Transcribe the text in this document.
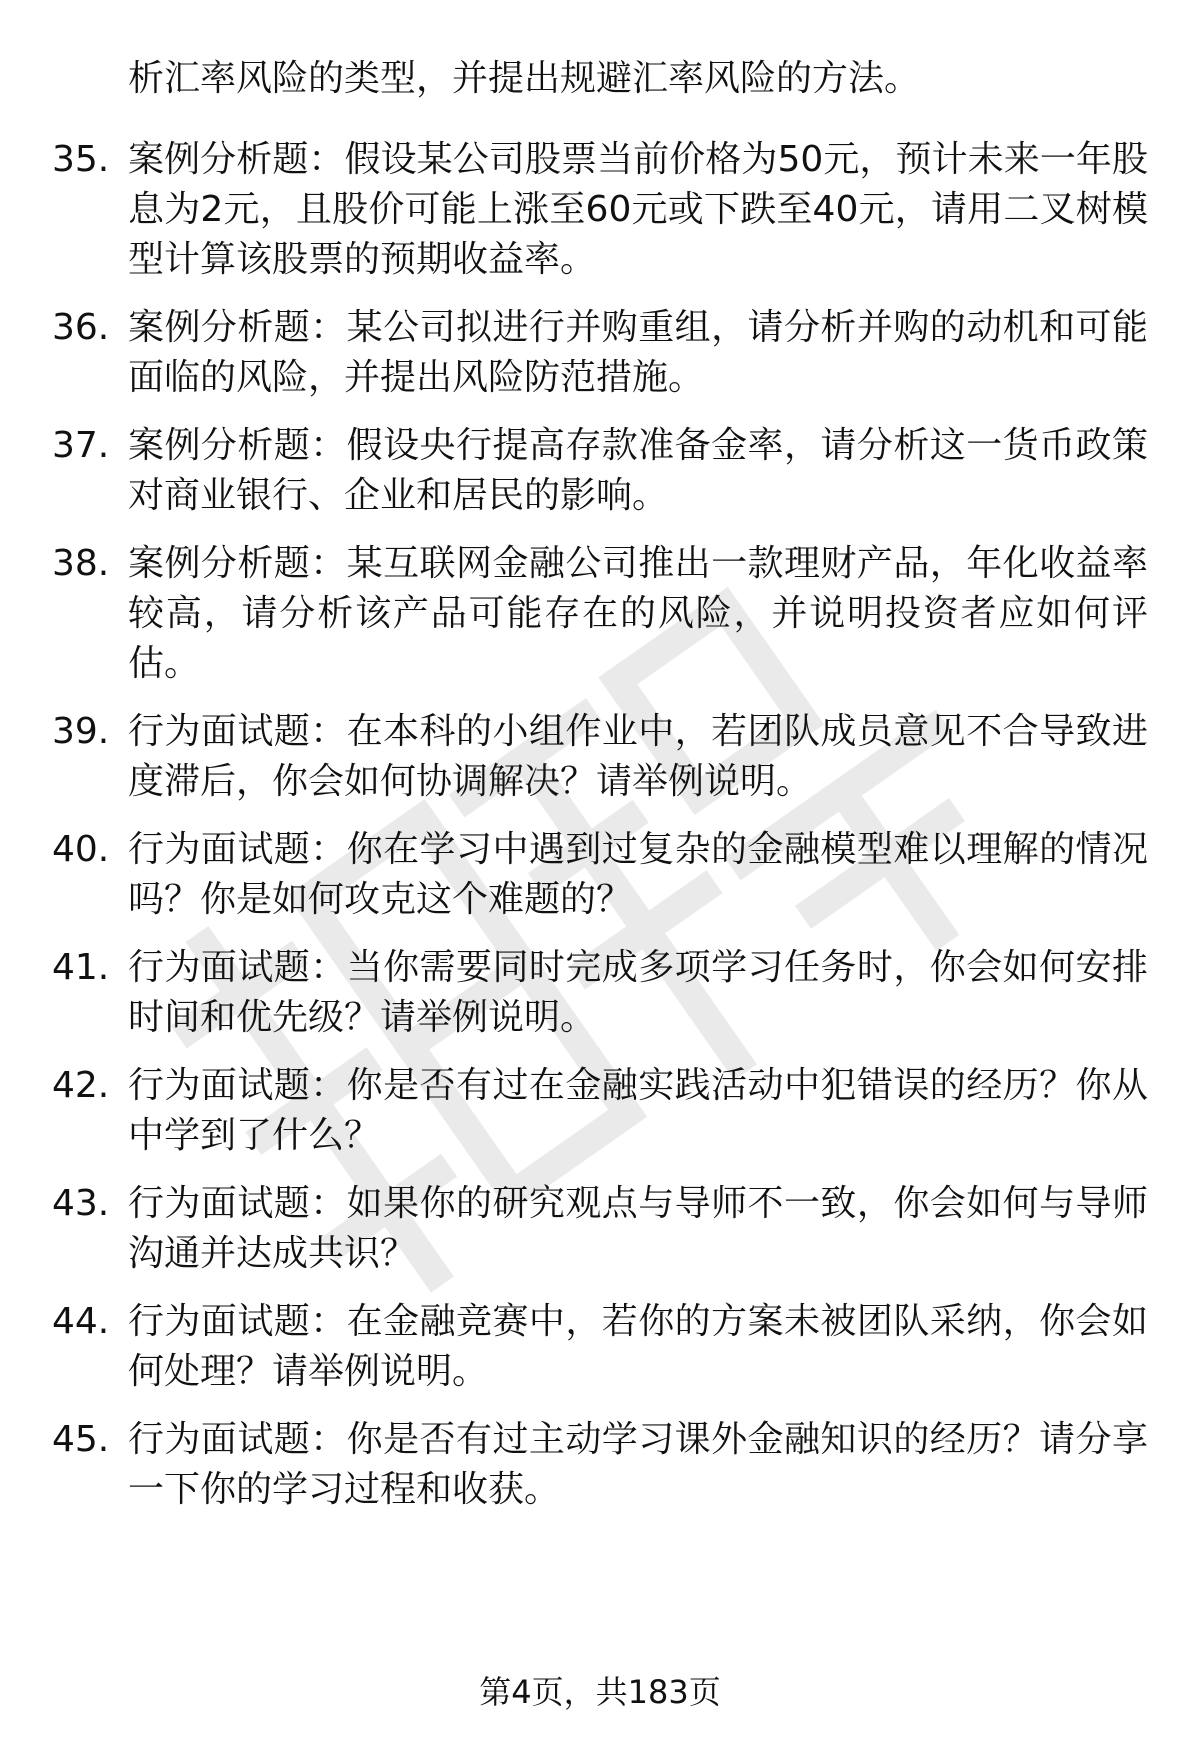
析汇率风险的类型，并提出规避汇率风险的方法。
35. 案例分析题：假设某公司股票当前价格为50元，预计未来一年股息为2元，且股价可能上涨至60元或下跌至40元，请用二叉树模型计算该股票的预期收益率。
36. 案例分析题：某公司拟进行并购重组，请分析并购的动机和可能面临的风险，并提出风险防范措施。
37. 案例分析题：假设央行提高存款准备金率，请分析这一货币政策对商业银行、企业和居民的影响。
38. 案例分析题：某互联网金融公司推出一款理财产品，年化收益率较高，请分析该产品可能存在的风险，并说明投资者应如何评估。
39. 行为面试题：在本科的小组作业中，若团队成员意见不合导致进度滞后，你会如何协调解决？请举例说明。
40. 行为面试题：你在学习中遇到过复杂的金融模型难以理解的情况吗？你是如何攻克这个难题的？
41. 行为面试题：当你需要同时完成多项学习任务时，你会如何安排时间和优先级？请举例说明。
42. 行为面试题：你是否有过在金融实践活动中犯错误的经历？你从中学到了什么？
43. 行为面试题：如果你的研究观点与导师不一致，你会如何与导师沟通并达成共识？
44. 行为面试题：在金融竞赛中，若你的方案未被团队采纳，你会如何处理？请举例说明。
45. 行为面试题：你是否有过主动学习课外金融知识的经历？请分享一下你的学习过程和收获。
第4页，共183页
